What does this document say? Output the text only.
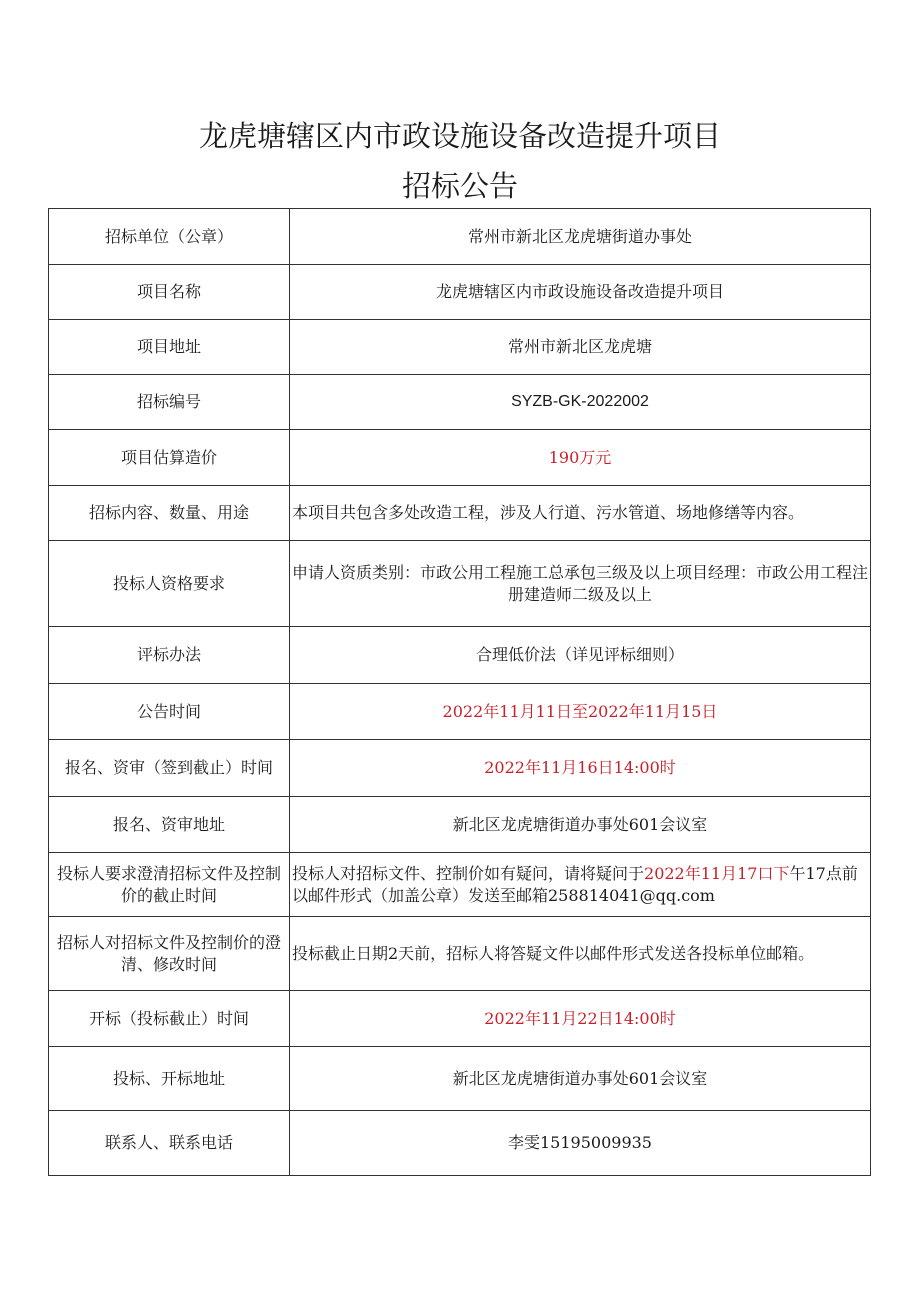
龙虎塘辖区内市政设施设备改造提升项目
招标公告
招标单位（公章）	常州市新北区龙虎塘街道办事处
项目名称	龙虎塘辖区内市政设施设备改造提升项目
项目地址	常州市新北区龙虎塘
招标编号	SYZB-GK-2022002
项目估算造价	190万元
招标内容、数量、用途	本项目共包含多处改造工程，涉及人行道、污水管道、场地修缮等内容。
投标人资格要求	申请人资质类别：市政公用工程施工总承包三级及以上项目经理：市政公用工程注册建造师二级及以上
评标办法	合理低价法（详见评标细则）
公告时间	2022年11月11日至2022年11月15日
报名、资审（签到截止）时间	2022年11月16日14:00时
报名、资审地址	新北区龙虎塘街道办事处601会议室
投标人要求澄清招标文件及控制价的截止时间	投标人对招标文件、控制价如有疑问，请将疑问于2022年11月17口下午17点前以邮件形式（加盖公章）发送至邮箱258814041@qq.com
招标人对招标文件及控制价的澄清、修改时间	投标截止日期2天前，招标人将答疑文件以邮件形式发送各投标单位邮箱。
开标（投标截止）时间	2022年11月22日14:00时
投标、开标地址	新北区龙虎塘街道办事处601会议室
联系人、联系电话	李雯15195009935
